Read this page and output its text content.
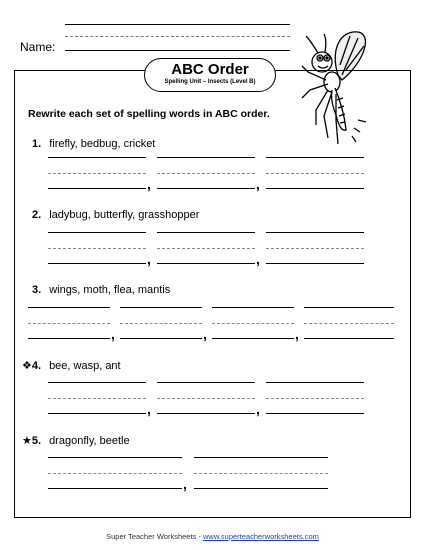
Name:
ABC Order
Spelling Unit – Insects (Level B)
Rewrite each set of spelling words in ABC order.
1. firefly, bedbug, cricket
,	,
2. ladybug, butterfly, grasshopper
,	,
3. wings, moth, flea, mantis
,	,	,
❖4. bee, wasp, ant
,	,
★5. dragonfly, beetle
,
Super Teacher Worksheets - www.superteacherworksheets.com
